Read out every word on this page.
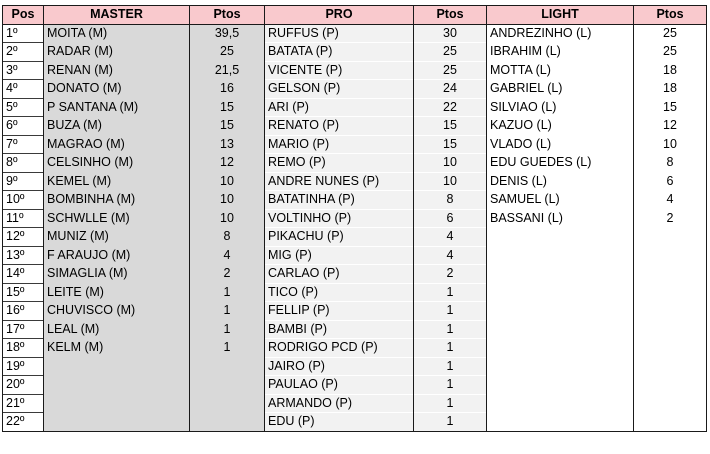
Pos	MASTER	Ptos	PRO	Ptos	LIGHT	Ptos
1º	MOITA (M)	39,5	RUFFUS (P)	30	ANDREZINHO (L)	25
2º	RADAR (M)	25	BATATA (P)	25	IBRAHIM (L)	25
3º	RENAN (M)	21,5	VICENTE (P)	25	MOTTA (L)	18
4º	DONATO (M)	16	GELSON (P)	24	GABRIEL (L)	18
5º	P SANTANA (M)	15	ARI (P)	22	SILVIAO (L)	15
6º	BUZA (M)	15	RENATO (P)	15	KAZUO (L)	12
7º	MAGRAO (M)	13	MARIO (P)	15	VLADO (L)	10
8º	CELSINHO (M)	12	REMO (P)	10	EDU GUEDES (L)	8
9º	KEMEL (M)	10	ANDRE NUNES (P)	10	DENIS (L)	6
10º	BOMBINHA (M)	10	BATATINHA (P)	8	SAMUEL (L)	4
11º	SCHWLLE (M)	10	VOLTINHO (P)	6	BASSANI (L)	2
12º	MUNIZ (M)	8	PIKACHU (P)	4		
13º	F ARAUJO (M)	4	MIG (P)	4		
14º	SIMAGLIA (M)	2	CARLAO (P)	2		
15º	LEITE (M)	1	TICO (P)	1		
16º	CHUVISCO (M)	1	FELLIP (P)	1		
17º	LEAL (M)	1	BAMBI (P)	1		
18º	KELM (M)	1	RODRIGO PCD (P)	1		
19º			JAIRO (P)	1		
20º			PAULAO (P)	1		
21º			ARMANDO (P)	1		
22º			EDU (P)	1		
